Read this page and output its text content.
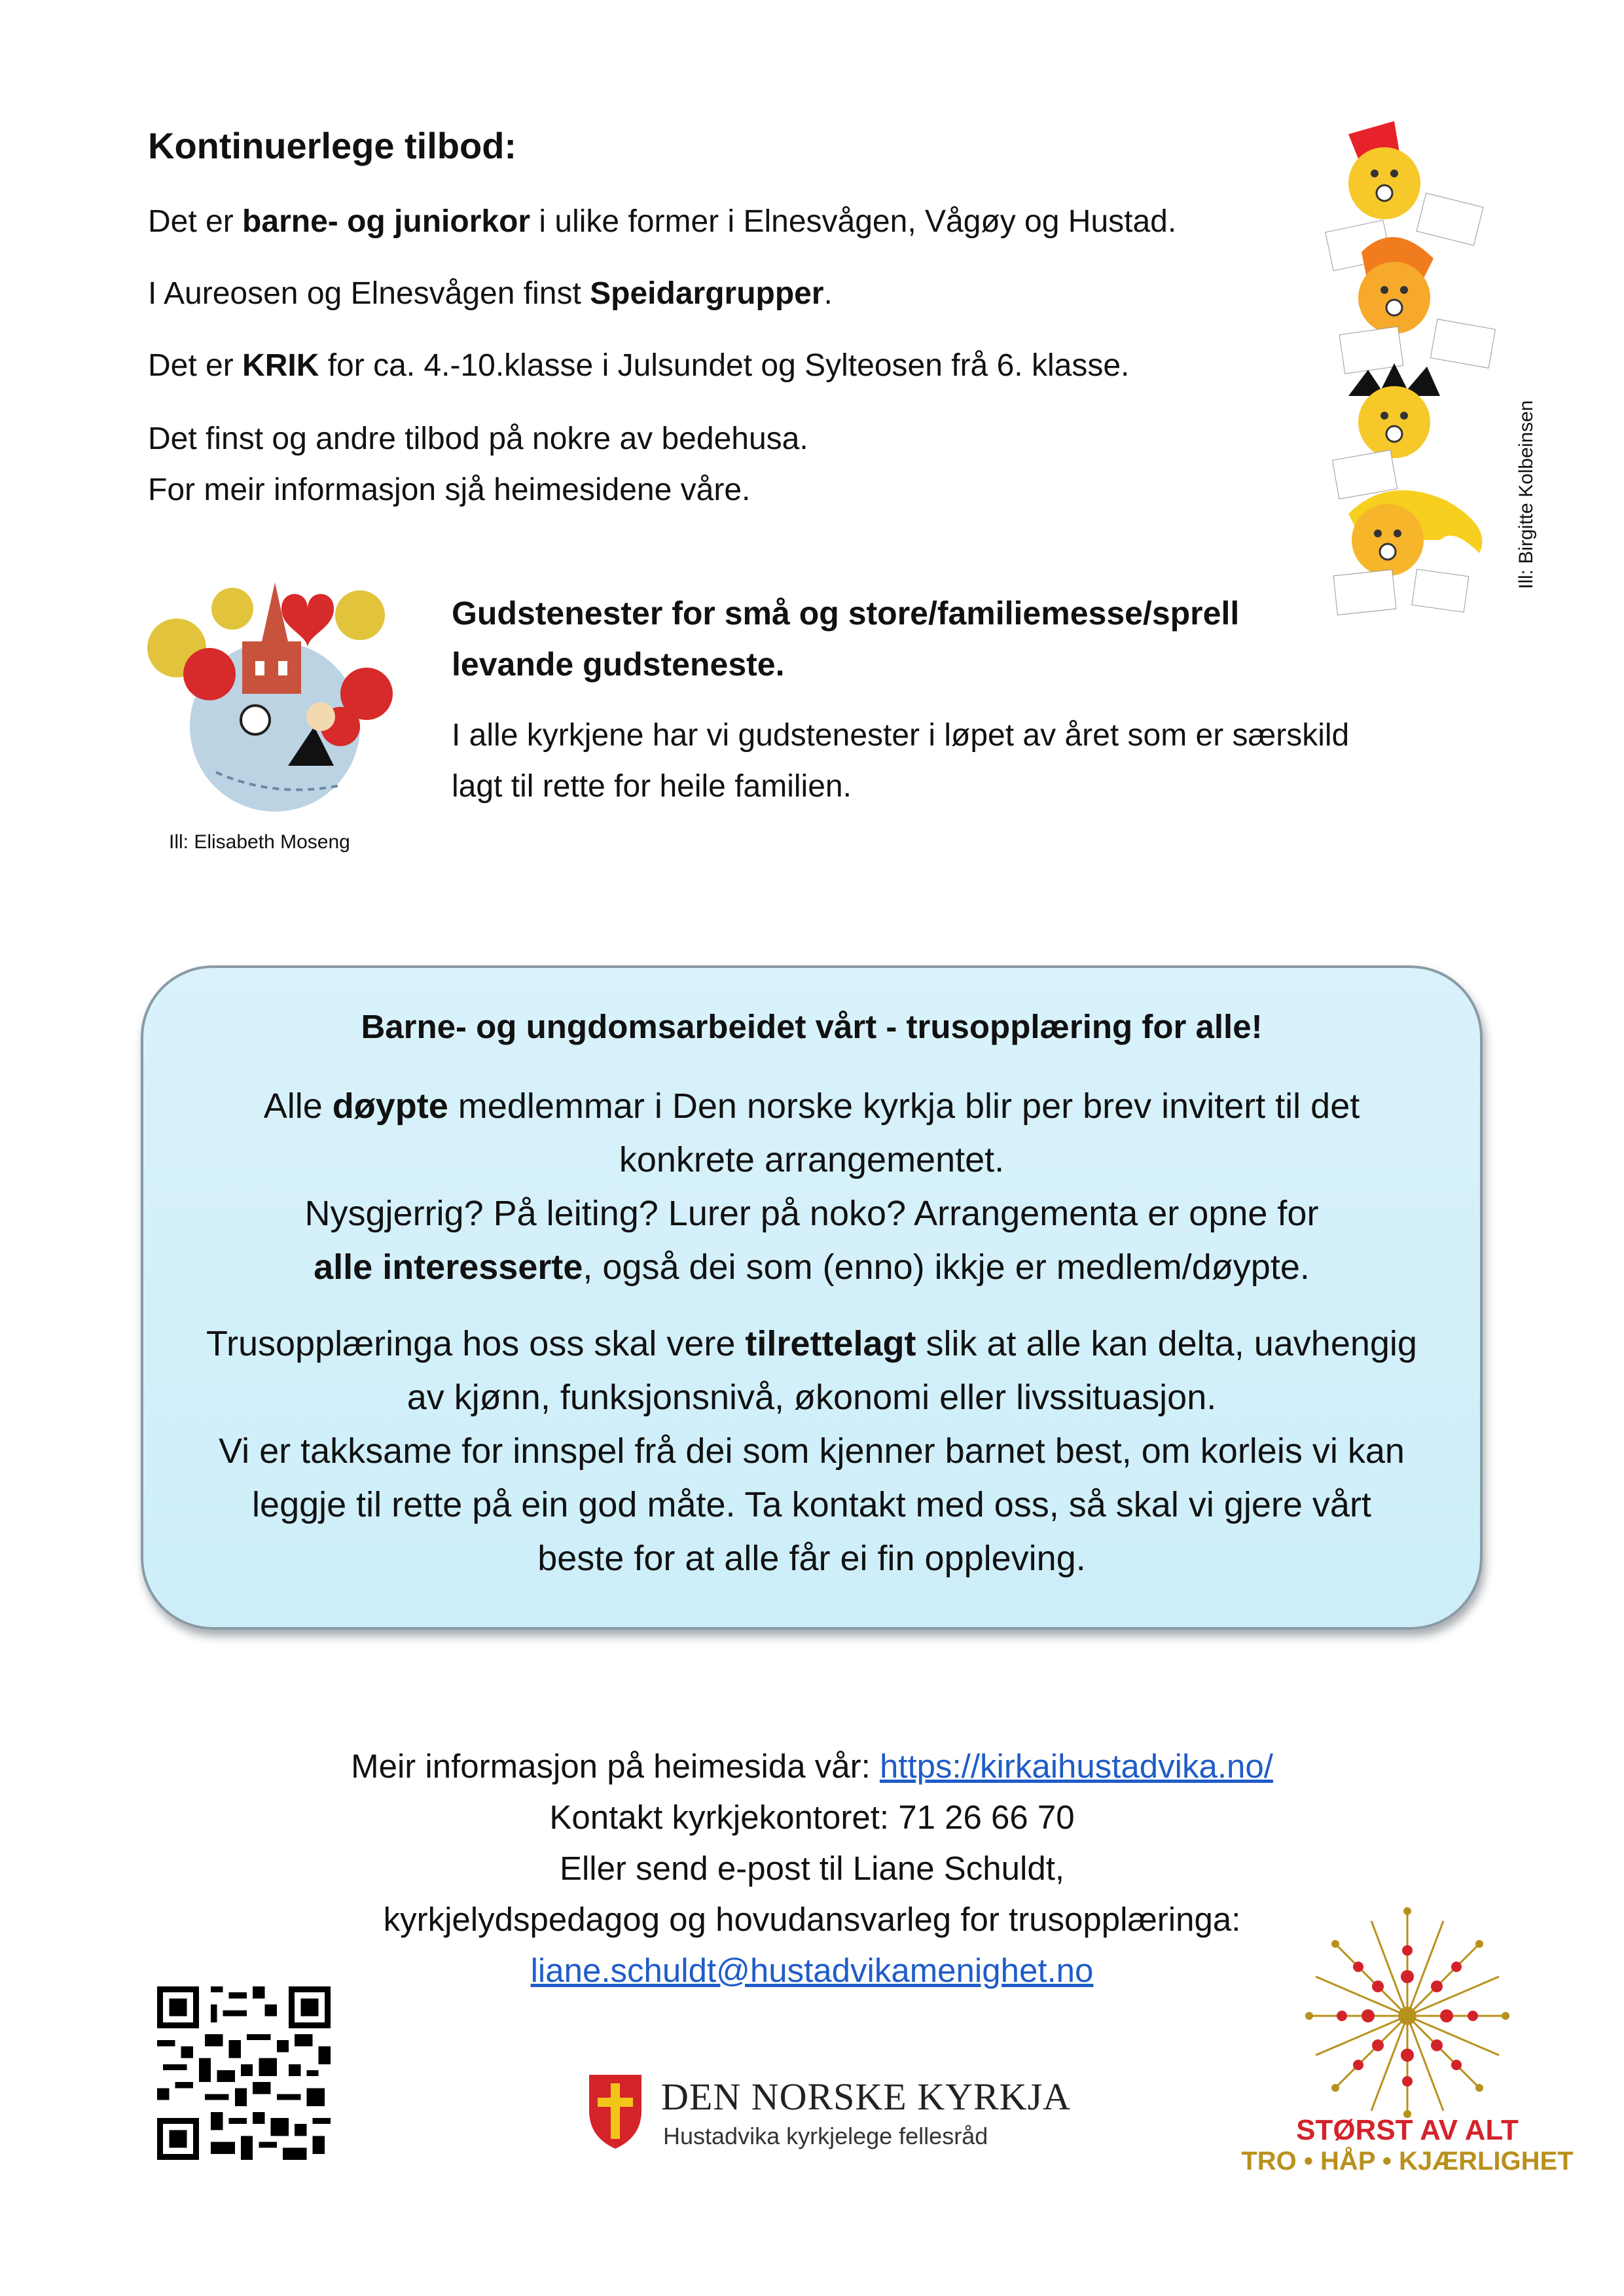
Kontinuerlege tilbod:

Det er barne- og juniorkor i ulike former i Elnesvågen, Vågøy og Hustad.

I Aureosen og Elnesvågen finst Speidargrupper.

Det er KRIK for ca. 4.-10.klasse i Julsundet og Sylteosen frå 6. klasse.

Det finst og andre tilbod på nokre av bedehusa.

For meir informasjon sjå heimesidene våre.	Ill: Birgitte Kolbeinsen
Ill: Elisabeth Moseng
Gudstenester for små og store/familiemesse/sprell
levande gudsteneste.
I alle kyrkjene har vi gudstenester i løpet av året som er særskild
lagt til rette for heile familien.
Barne- og ungdomsarbeidet vårt - trusopplæring for alle!

Alle døypte medlemmar i Den norske kyrkja blir per brev invitert til det

konkrete arrangementet.

Nysgjerrig? På leiting? Lurer på noko? Arrangementa er opne for

alle interesserte, også dei som (enno) ikkje er medlem/døypte.

Trusopplæringa hos oss skal vere tilrettelagt slik at alle kan delta, uavhengig

av kjønn, funksjonsnivå, økonomi eller livssituasjon.

Vi er takksame for innspel frå dei som kjenner barnet best, om korleis vi kan

leggje til rette på ein god måte. Ta kontakt med oss, så skal vi gjere vårt

beste for at alle får ei fin oppleving.

Meir informasjon på heimesida vår: https://kirkaihustadvika.no/

Kontakt kyrkjekontoret: 71 26 66 70

Eller send e-post til Liane Schuldt,

kyrkjelydspedagog og hovudansvarleg for trusopplæringa:

liane.schuldt@hustadvikamenighet.no

DEN NORSKE KYRKJA
Hustadvika kyrkjelege fellesråd	STØRST AV ALT
TRO • HÅP • KJÆRLIGHET
